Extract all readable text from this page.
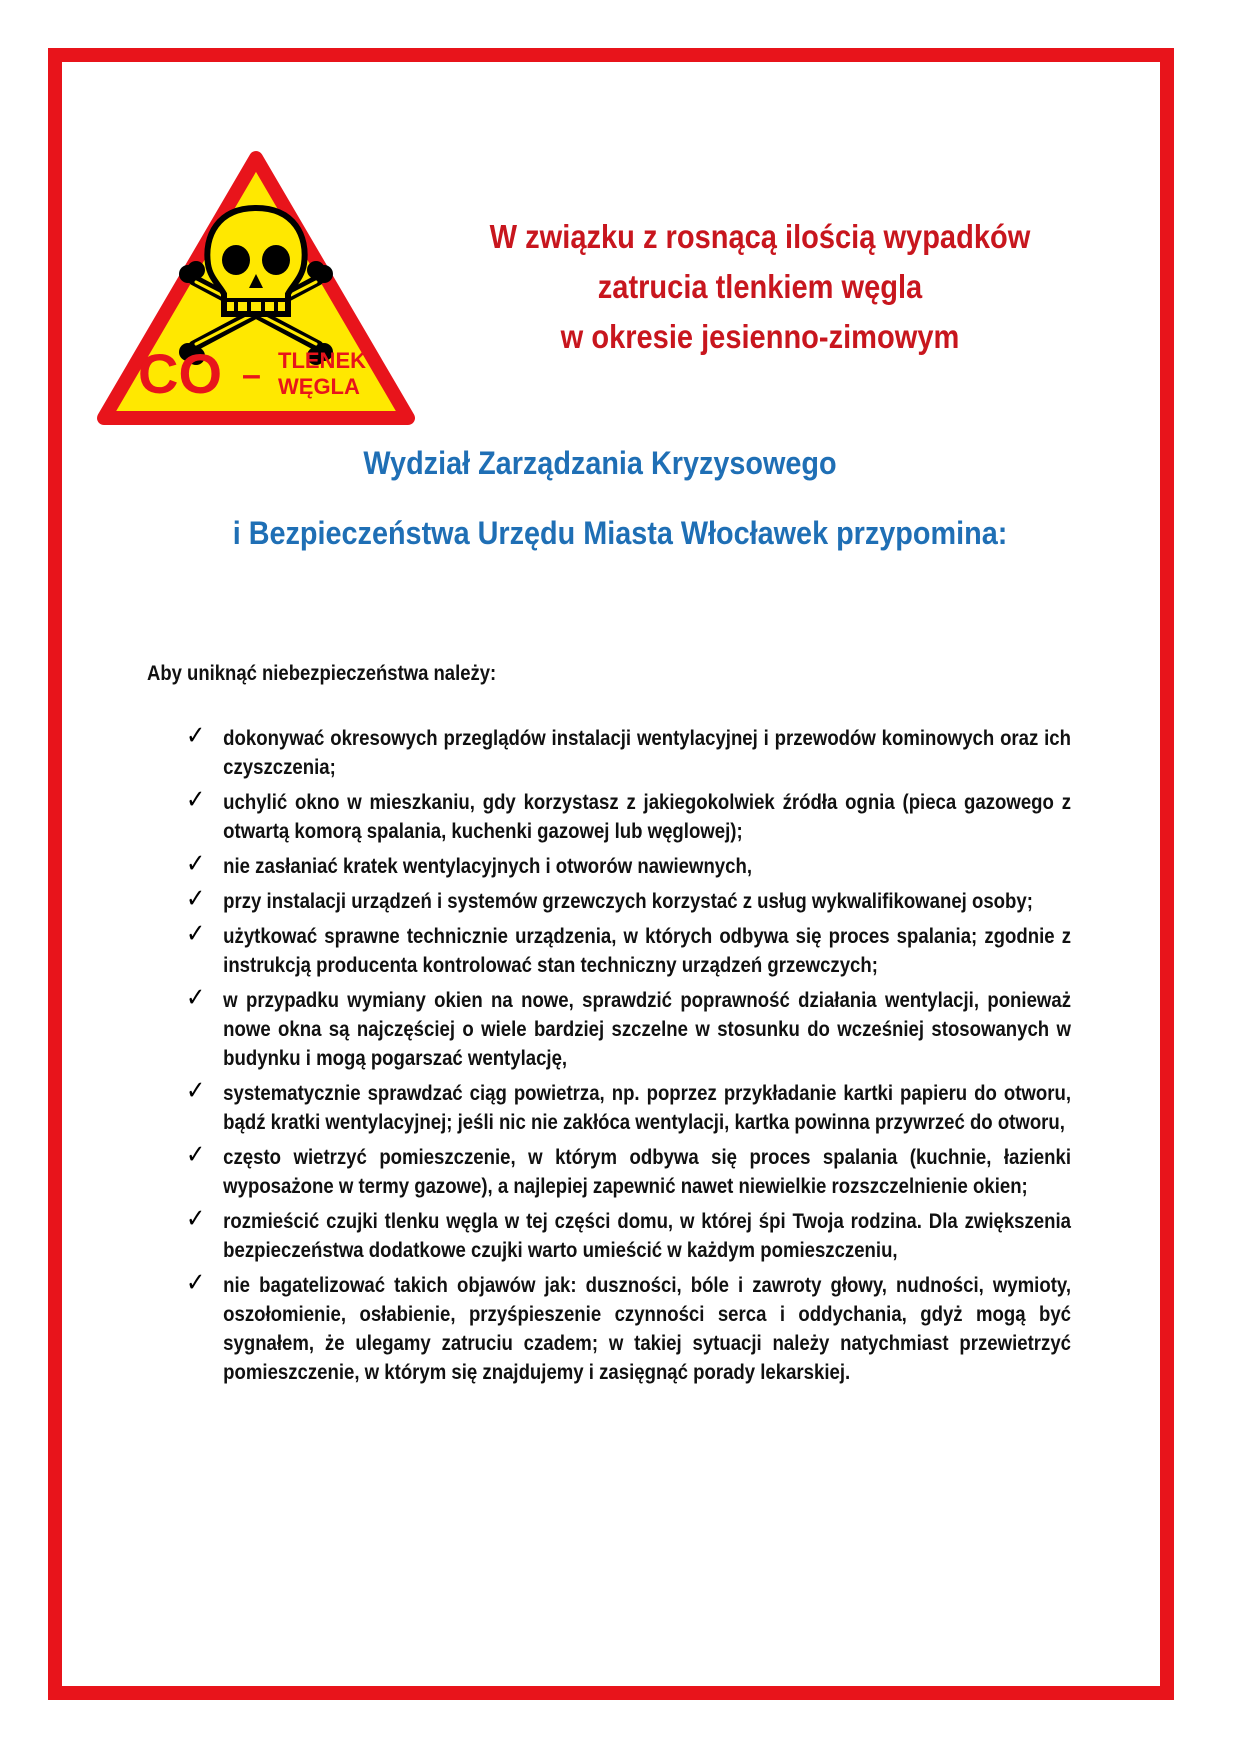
CO – TLENEK
WĘGLA
W związku z rosnącą ilością wypadków
zatrucia tlenkiem węgla
w okresie jesienno-zimowym
Wydział Zarządzania Kryzysowego
i Bezpieczeństwa Urzędu Miasta Włocławek przypomina:
Aby uniknąć niebezpieczeństwa należy:
✓ dokonywać okresowych przeglądów instalacji wentylacyjnej i przewodów kominowych oraz ich czyszczenia;
✓ uchylić okno w mieszkaniu, gdy korzystasz z jakiegokolwiek źródła ognia (pieca gazowego z otwartą komorą spalania, kuchenki gazowej lub węglowej);
✓ nie zasłaniać kratek wentylacyjnych i otworów nawiewnych,
✓ przy instalacji urządzeń i systemów grzewczych korzystać z usług wykwalifikowanej osoby;
✓ użytkować sprawne technicznie urządzenia, w których odbywa się proces spalania; zgodnie z instrukcją producenta kontrolować stan techniczny urządzeń grzewczych;
✓ w przypadku wymiany okien na nowe, sprawdzić poprawność działania wentylacji, ponieważ nowe okna są najczęściej o wiele bardziej szczelne w stosunku do wcześniej stosowanych w budynku i mogą pogarszać wentylację,
✓ systematycznie sprawdzać ciąg powietrza, np. poprzez przykładanie kartki papieru do otworu, bądź kratki wentylacyjnej; jeśli nic nie zakłóca wentylacji, kartka powinna przywrzeć do otworu,
✓ często wietrzyć pomieszczenie, w którym odbywa się proces spalania (kuchnie, łazienki wyposażone w termy gazowe), a najlepiej zapewnić nawet niewielkie rozszczelnienie okien;
✓ rozmieścić czujki tlenku węgla w tej części domu, w której śpi Twoja rodzina. Dla zwiększenia bezpieczeństwa dodatkowe czujki warto umieścić w każdym pomieszczeniu,
✓ nie bagatelizować takich objawów jak: duszności, bóle i zawroty głowy, nudności, wymioty, oszołomienie, osłabienie, przyśpieszenie czynności serca i oddychania, gdyż mogą być sygnałem, że ulegamy zatruciu czadem; w takiej sytuacji należy natychmiast przewietrzyć pomieszczenie, w którym się znajdujemy i zasięgnąć porady lekarskiej.
